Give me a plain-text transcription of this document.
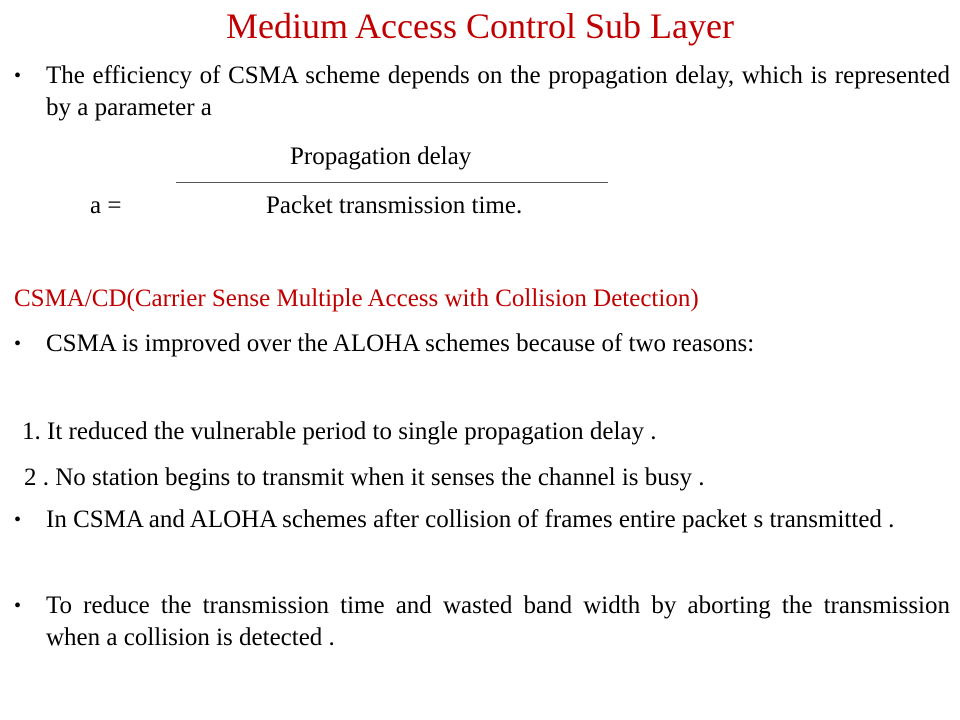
Medium Access Control Sub Layer
• The efficiency of CSMA scheme depends on the propagation delay, which is represented by a parameter a
Propagation delay
a =	Packet transmission time.
CSMA/CD(Carrier Sense Multiple Access with Collision Detection)
• CSMA is improved over the ALOHA schemes because of two reasons:
1. It reduced the vulnerable period to single propagation delay .
2 . No station begins to transmit when it senses the channel is busy .
• In CSMA and ALOHA schemes after collision of frames entire packet s transmitted .
• To reduce the transmission time and wasted band width by aborting the transmission when a collision is detected .
